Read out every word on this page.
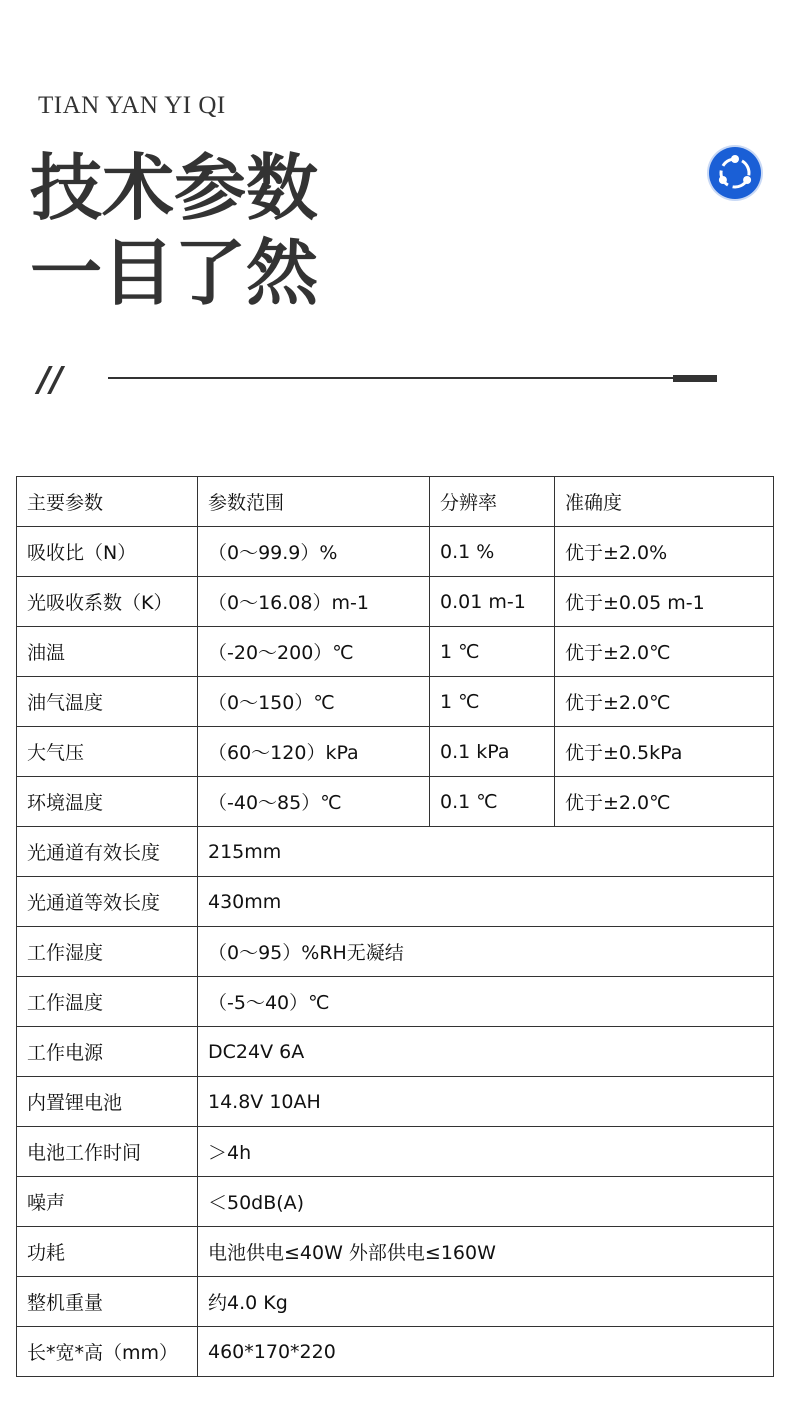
TIAN YAN YI QI
技术参数
一目了然
//
主要参数	参数范围	分辨率	准确度
吸收比（N）	（0～99.9）%	0.1 %	优于±2.0%
光吸收系数（K）	（0～16.08）m-1	0.01 m-1	优于±0.05 m-1
油温	（-20～200）℃	1 ℃	优于±2.0℃
油气温度	（0～150）℃	1 ℃	优于±2.0℃
大气压	（60～120）kPa	0.1 kPa	优于±0.5kPa
环境温度	（-40～85）℃	0.1 ℃	优于±2.0℃
光通道有效长度	215mm		
光通道等效长度	430mm		
工作湿度	（0～95）%RH无凝结		
工作温度	（-5～40）℃		
工作电源	DC24V 6A		
内置锂电池	14.8V 10AH		
电池工作时间	＞4h		
噪声	＜50dB(A)		
功耗	电池供电≤40W 外部供电≤160W		
整机重量	约4.0 Kg		
长*宽*高（mm）	460*170*220		
